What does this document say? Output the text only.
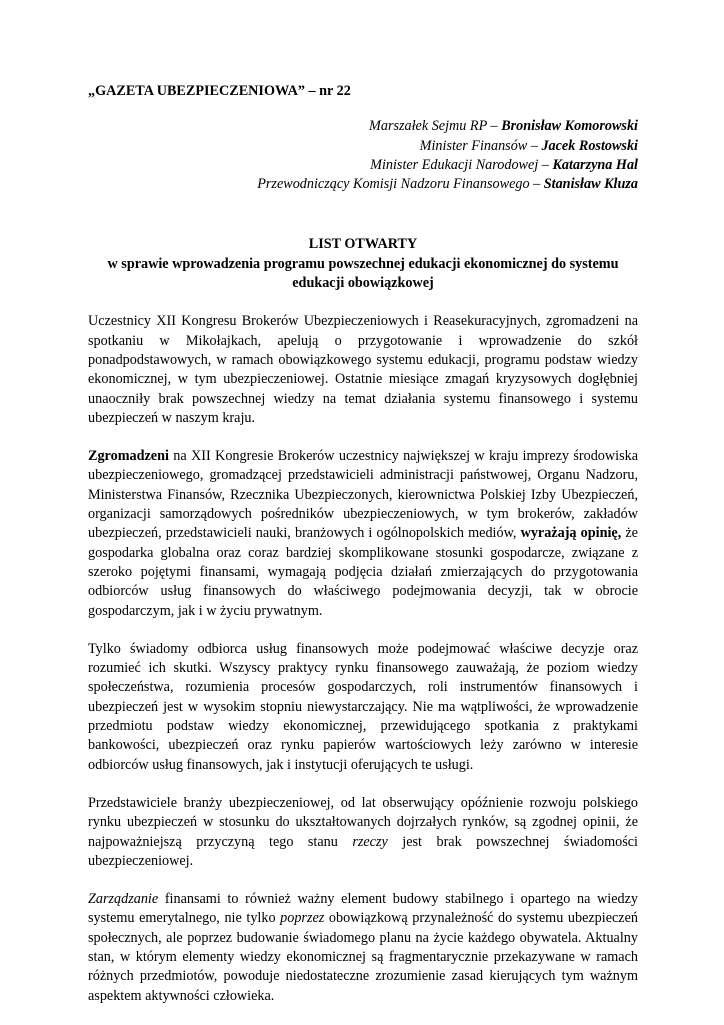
„GAZETA UBEZPIECZENIOWA” – nr 22

Marszałek Sejmu RP – Bronisław Komorowski
Minister Finansów – Jacek Rostowski
Minister Edukacji Narodowej – Katarzyna Hal
Przewodniczący Komisji Nadzoru Finansowego – Stanisław Kluza
LIST OTWARTY
w sprawie wprowadzenia programu powszechnej edukacji ekonomicznej do systemu edukacji obowiązkowej

Uczestnicy XII Kongresu Brokerów Ubezpieczeniowych i Reasekuracyjnych, zgromadzeni na spotkaniu w Mikołajkach, apelują o przygotowanie i wprowadzenie do szkół ponadpodstawowych, w ramach obowiązkowego systemu edukacji, programu podstaw wiedzy ekonomicznej, w tym ubezpieczeniowej. Ostatnie miesiące zmagań kryzysowych dogłębniej unaoczniły brak powszechnej wiedzy na temat działania systemu finansowego i systemu ubezpieczeń w naszym kraju.

Zgromadzeni na XII Kongresie Brokerów uczestnicy największej w kraju imprezy środowiska ubezpieczeniowego, gromadzącej przedstawicieli administracji państwowej, Organu Nadzoru, Ministerstwa Finansów, Rzecznika Ubezpieczonych, kierownictwa Polskiej Izby Ubezpieczeń, organizacji samorządowych pośredników ubezpieczeniowych, w tym brokerów, zakładów ubezpieczeń, przedstawicieli nauki, branżowych i ogólnopolskich mediów, wyrażają opinię, że gospodarka globalna oraz coraz bardziej skomplikowane stosunki gospodarcze, związane z szeroko pojętymi finansami, wymagają podjęcia działań zmierzających do przygotowania odbiorców usług finansowych do właściwego podejmowania decyzji, tak w obrocie gospodarczym, jak i w życiu prywatnym.

Tylko świadomy odbiorca usług finansowych może podejmować właściwe decyzje oraz rozumieć ich skutki. Wszyscy praktycy rynku finansowego zauważają, że poziom wiedzy społeczeństwa, rozumienia procesów gospodarczych, roli instrumentów finansowych i ubezpieczeń jest w wysokim stopniu niewystarczający. Nie ma wątpliwości, że wprowadzenie przedmiotu podstaw wiedzy ekonomicznej, przewidującego spotkania z praktykami bankowości, ubezpieczeń oraz rynku papierów wartościowych leży zarówno w interesie odbiorców usług finansowych, jak i instytucji oferujących te usługi.

Przedstawiciele branży ubezpieczeniowej, od lat obserwujący opóźnienie rozwoju polskiego rynku ubezpieczeń w stosunku do ukształtowanych dojrzałych rynków, są zgodnej opinii, że najpoważniejszą przyczyną tego stanu rzeczy jest brak powszechnej świadomości ubezpieczeniowej.

Zarządzanie finansami to również ważny element budowy stabilnego i opartego na wiedzy systemu emerytalnego, nie tylko poprzez obowiązkową przynależność do systemu ubezpieczeń społecznych, ale poprzez budowanie świadomego planu na życie każdego obywatela. Aktualny stan, w którym elementy wiedzy ekonomicznej są fragmentarycznie przekazywane w ramach różnych przedmiotów, powoduje niedostateczne zrozumienie zasad kierujących tym ważnym aspektem aktywności człowieka.
